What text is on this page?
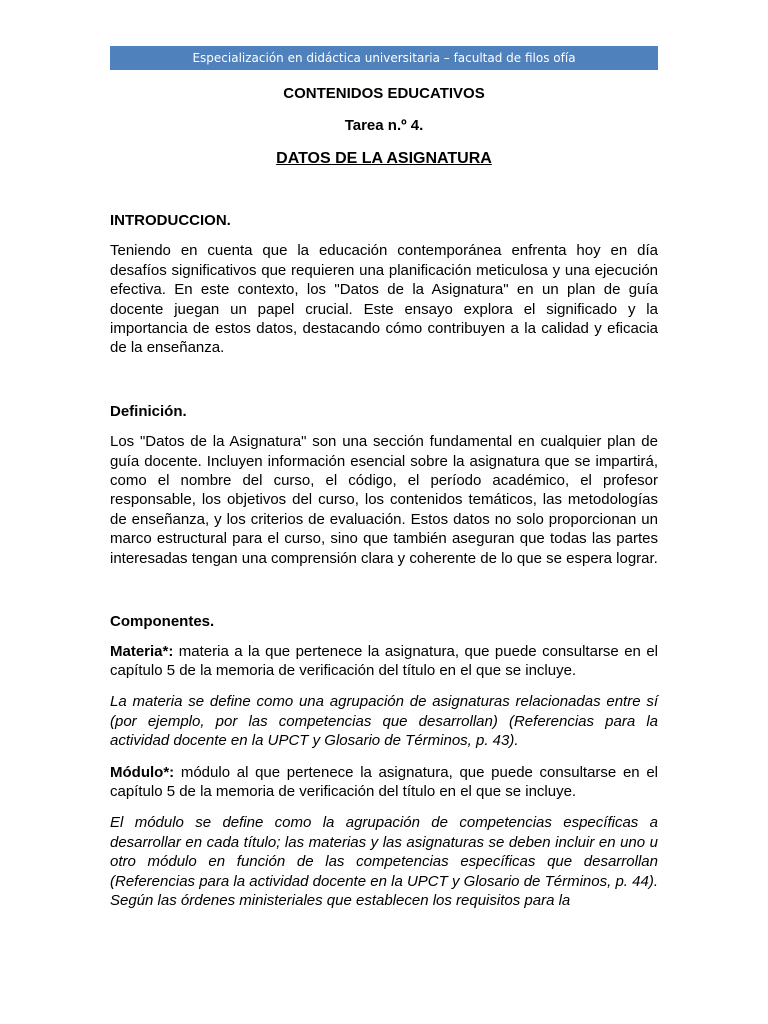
Especialización en didáctica universitaria – facultad de filos ofía
CONTENIDOS EDUCATIVOS
Tarea n.º 4.
DATOS DE LA ASIGNATURA
INTRODUCCION.

Teniendo en cuenta que la educación contemporánea enfrenta hoy en día desafíos significativos que requieren una planificación meticulosa y una ejecución efectiva. En este contexto, los "Datos de la Asignatura" en un plan de guía docente juegan un papel crucial. Este ensayo explora el significado y la importancia de estos datos, destacando cómo contribuyen a la calidad y eficacia de la enseñanza.

Definición.

Los "Datos de la Asignatura" son una sección fundamental en cualquier plan de guía docente. Incluyen información esencial sobre la asignatura que se impartirá, como el nombre del curso, el código, el período académico, el profesor responsable, los objetivos del curso, los contenidos temáticos, las metodologías de enseñanza, y los criterios de evaluación. Estos datos no solo proporcionan un marco estructural para el curso, sino que también aseguran que todas las partes interesadas tengan una comprensión clara y coherente de lo que se espera lograr.

Componentes.

Materia*: materia a la que pertenece la asignatura, que puede consultarse en el capítulo 5 de la memoria de verificación del título en el que se incluye.

La materia se define como una agrupación de asignaturas relacionadas entre sí (por ejemplo, por las competencias que desarrollan) (Referencias para la actividad docente en la UPCT y Glosario de Términos, p. 43).

Módulo*: módulo al que pertenece la asignatura, que puede consultarse en el capítulo 5 de la memoria de verificación del título en el que se incluye.

El módulo se define como la agrupación de competencias específicas a desarrollar en cada título; las materias y las asignaturas se deben incluir en uno u otro módulo en función de las competencias específicas que desarrollan (Referencias para la actividad docente en la UPCT y Glosario de Términos, p. 44). Según las órdenes ministeriales que establecen los requisitos para la
